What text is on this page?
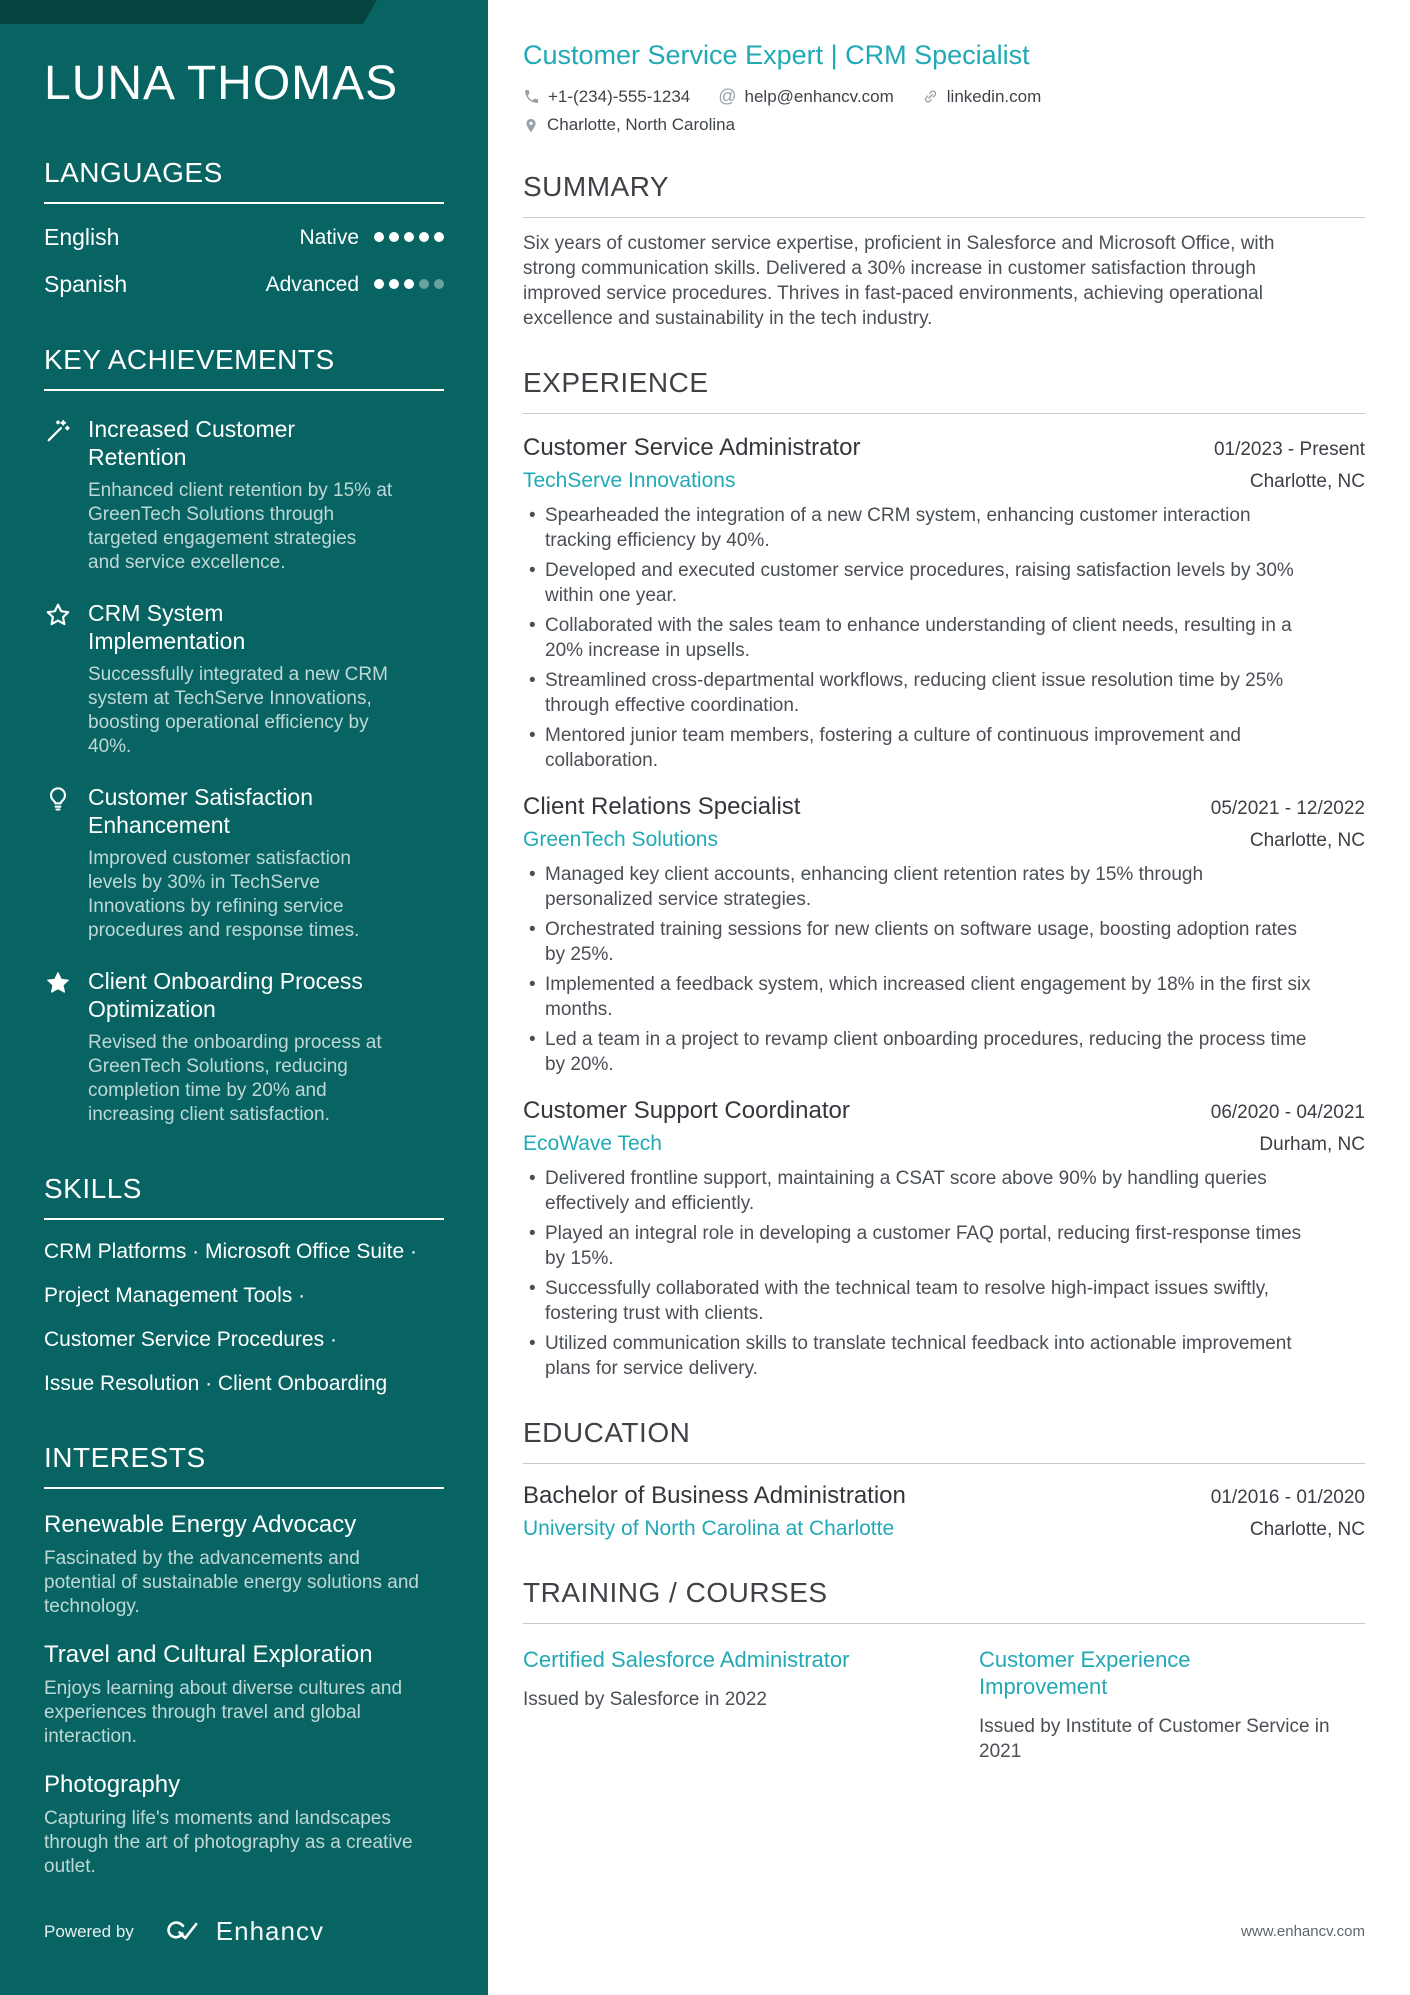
LUNA THOMAS
LANGUAGES
English	Native
Spanish	Advanced
KEY ACHIEVEMENTS
Increased Customer Retention
Enhanced client retention by 15% at GreenTech Solutions through targeted engagement strategies and service excellence.
CRM System Implementation
Successfully integrated a new CRM system at TechServe Innovations, boosting operational efficiency by 40%.
Customer Satisfaction Enhancement
Improved customer satisfaction levels by 30% in TechServe Innovations by refining service procedures and response times.
Client Onboarding Process Optimization
Revised the onboarding process at GreenTech Solutions, reducing completion time by 20% and increasing client satisfaction.
SKILLS
CRM Platforms · Microsoft Office Suite ·
Project Management Tools ·
Customer Service Procedures ·
Issue Resolution · Client Onboarding
INTERESTS
Renewable Energy Advocacy
Fascinated by the advancements and potential of sustainable energy solutions and technology.
Travel and Cultural Exploration
Enjoys learning about diverse cultures and experiences through travel and global interaction.
Photography
Capturing life's moments and landscapes through the art of photography as a creative outlet.
Powered by	Enhancv
Customer Service Expert | CRM Specialist
+1-(234)-555-1234 @ help@enhancv.com	linkedin.com
Charlotte, North Carolina
SUMMARY

Six years of customer service expertise, proficient in Salesforce and Microsoft Office, with strong communication skills. Delivered a 30% increase in customer satisfaction through improved service procedures. Thrives in fast-paced environments, achieving operational excellence and sustainability in the tech industry.

EXPERIENCE
Customer Service Administrator	01/2023 - Present
TechServe Innovations	Charlotte, NC
• Spearheaded the integration of a new CRM system, enhancing customer interaction tracking efficiency by 40%.
• Developed and executed customer service procedures, raising satisfaction levels by 30% within one year.
• Collaborated with the sales team to enhance understanding of client needs, resulting in a 20% increase in upsells.
• Streamlined cross-departmental workflows, reducing client issue resolution time by 25% through effective coordination.
• Mentored junior team members, fostering a culture of continuous improvement and collaboration.
Client Relations Specialist	05/2021 - 12/2022
GreenTech Solutions	Charlotte, NC
• Managed key client accounts, enhancing client retention rates by 15% through personalized service strategies.
• Orchestrated training sessions for new clients on software usage, boosting adoption rates by 25%.
• Implemented a feedback system, which increased client engagement by 18% in the first six months.
• Led a team in a project to revamp client onboarding procedures, reducing the process time by 20%.
Customer Support Coordinator	06/2020 - 04/2021
EcoWave Tech	Durham, NC
• Delivered frontline support, maintaining a CSAT score above 90% by handling queries effectively and efficiently.
• Played an integral role in developing a customer FAQ portal, reducing first-response times by 15%.
• Successfully collaborated with the technical team to resolve high-impact issues swiftly, fostering trust with clients.
• Utilized communication skills to translate technical feedback into actionable improvement plans for service delivery.
EDUCATION
Bachelor of Business Administration	01/2016 - 01/2020
University of North Carolina at Charlotte	Charlotte, NC
TRAINING / COURSES
Certified Salesforce Administrator
Issued by Salesforce in 2022
Customer Experience Improvement
Issued by Institute of Customer Service in 2021
www.enhancv.com
